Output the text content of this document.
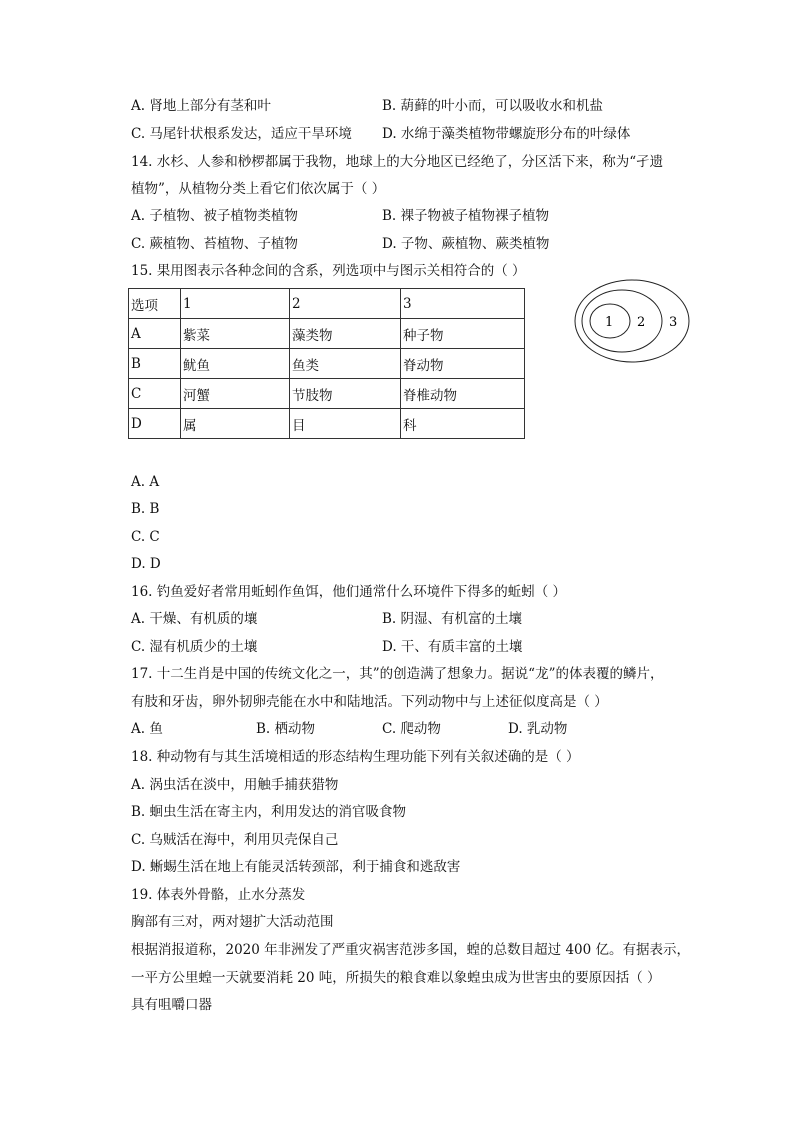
A. 肾地上部分有茎和叶	B. 葫藓的叶小而，可以吸收水和机盐
C. 马尾针状根系发达，适应干旱环境 D. 水绵于藻类植物带螺旋形分布的叶绿体
14. 水杉、人参和桫椤都属于我物，地球上的大分地区已经绝了，分区活下来，称为“孑遗
植物”，从植物分类上看它们依次属于（ ）
A. 子植物、被子植物类植物	B. 裸子物被子植物裸子植物
C. 蕨植物、苔植物、子植物	D. 子物、蕨植物、蕨类植物
15. 果用图表示各种念间的含系，列选项中与图示关相符合的（ ）
选项	1	2	3
A	紫菜	藻类物	种子物
B	鱿鱼	鱼类	脊动物
C	河蟹	节肢物	脊椎动物
D	属	目	科
1 2 3
A. A
B. B
C. C
D. D
16. 钓鱼爱好者常用蚯蚓作鱼饵，他们通常什么环境件下得多的蚯蚓（ ）
A. 干燥、有机质的壤	B. 阴湿、有机富的土壤
C. 湿有机质少的土壤	D. 干、有质丰富的土壤
17. 十二生肖是中国的传统文化之一，其”的创造满了想象力。据说“龙”的体表覆的鳞片，
有肢和牙齿，卵外韧卵壳能在水中和陆地活。下列动物中与上述征似度高是（ ）
A. 鱼	B. 栖动物	C. 爬动物	D. 乳动物
18. 种动物有与其生活境相适的形态结构生理功能下列有关叙述确的是（ ）
A. 涡虫活在淡中，用触手捕获猎物
B. 蛔虫生活在寄主内，利用发达的消官吸食物
C. 乌贼活在海中，利用贝壳保自己
D. 蜥蜴生活在地上有能灵活转颈部，利于捕食和逃敌害
19. 体表外骨骼，止水分蒸发
胸部有三对，两对翅扩大活动范围
根据消报道称，2020 年非洲发了严重灾祸害范涉多国，蝗的总数目超过 400 亿。有据表示，
一平方公里蝗一天就要消耗 20 吨，所损失的粮食难以象蝗虫成为世害虫的要原因括（ ）
具有咀嚼口器
